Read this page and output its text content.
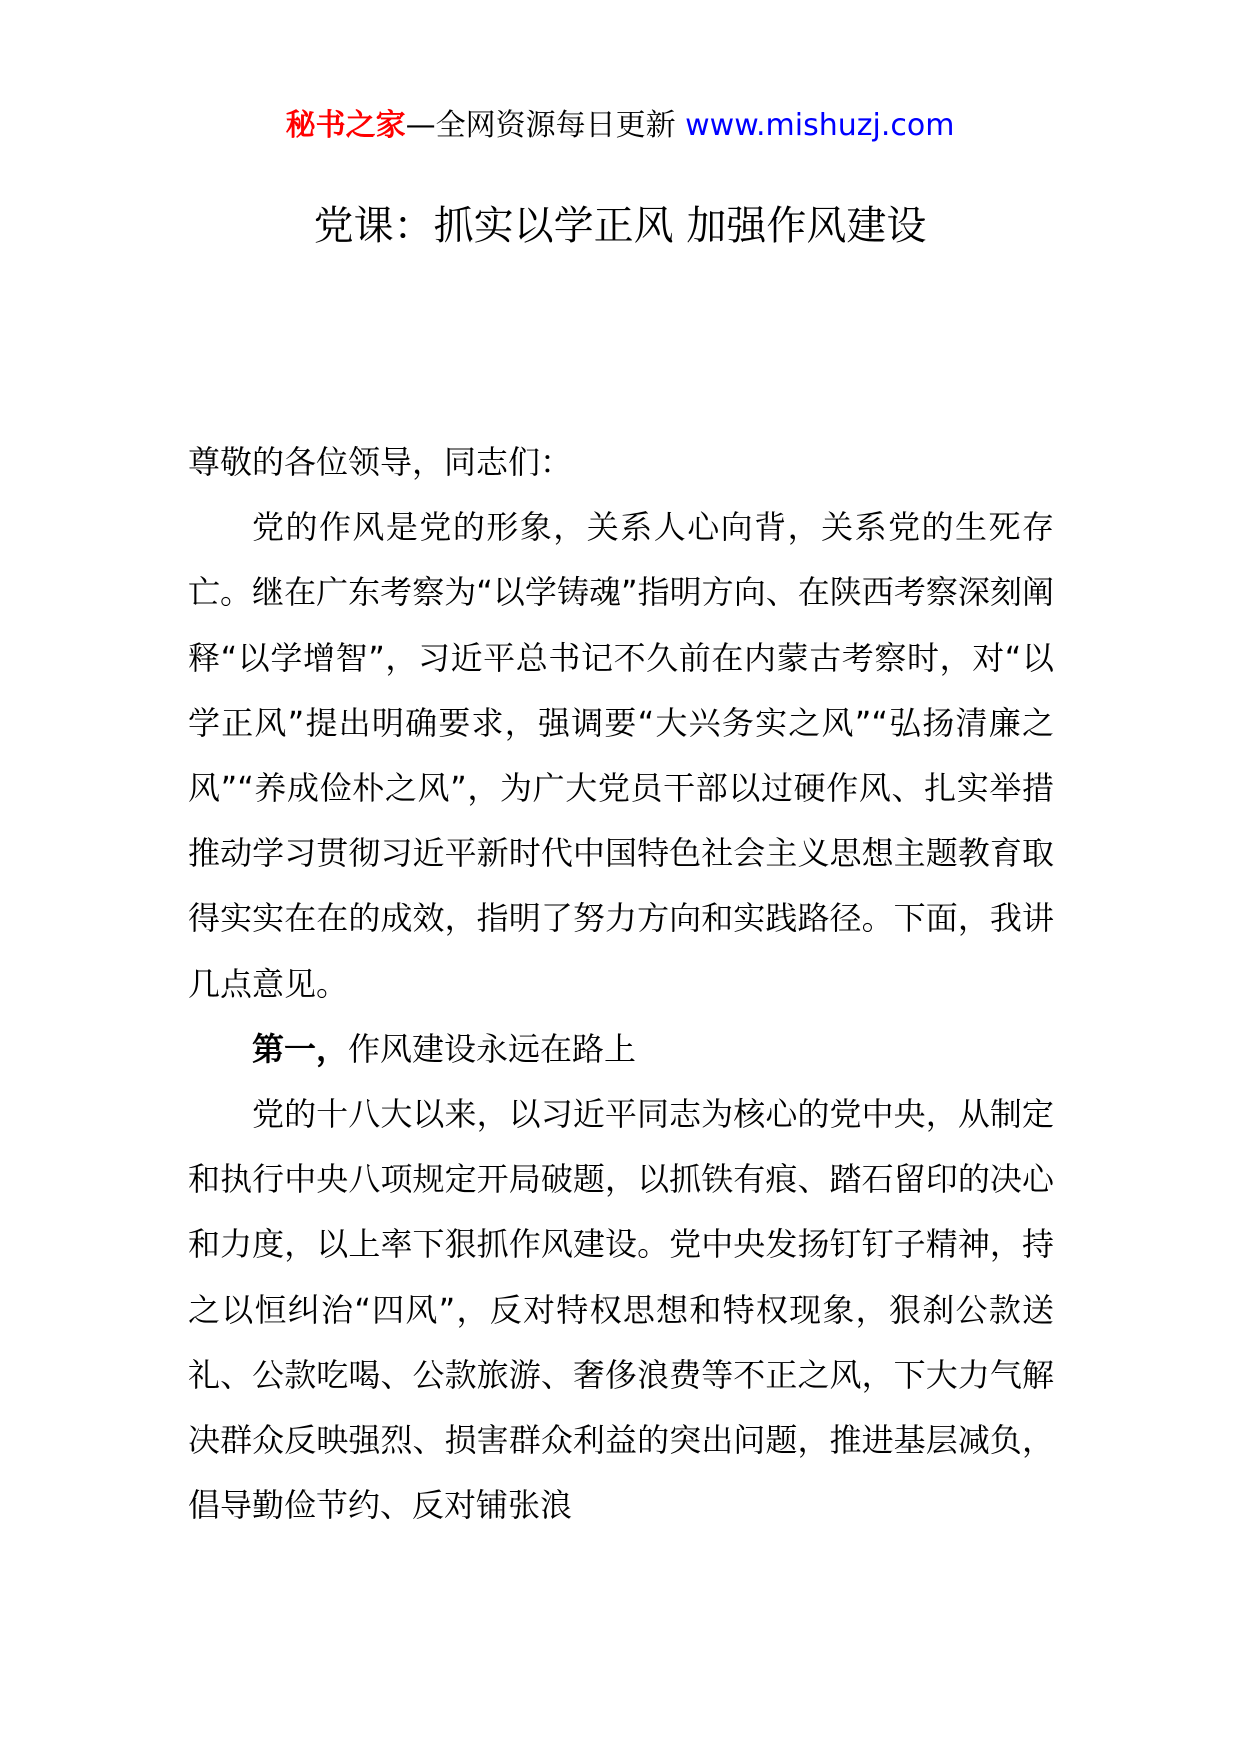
秘书之家—全网资源每日更新 www.mishuzj.com
党课：抓实以学正风 加强作风建设

尊敬的各位领导，同志们：

党的作风是党的形象，关系人心向背，关系党的生死存亡。继在广东考察为“以学铸魂”指明方向、在陕西考察深刻阐释“以学增智”，习近平总书记不久前在内蒙古考察时，对“以学正风”提出明确要求，强调要“大兴务实之风”“弘扬清廉之风”“养成俭朴之风”，为广大党员干部以过硬作风、扎实举措推动学习贯彻习近平新时代中国特色社会主义思想主题教育取得实实在在的成效，指明了努力方向和实践路径。下面，我讲几点意见。

第一，作风建设永远在路上

党的十八大以来，以习近平同志为核心的党中央，从制定和执行中央八项规定开局破题，以抓铁有痕、踏石留印的决心和力度，以上率下狠抓作风建设。党中央发扬钉钉子精神，持之以恒纠治“四风”，反对特权思想和特权现象，狠刹公款送礼、公款吃喝、公款旅游、奢侈浪费等不正之风，下大力气解决群众反映强烈、损害群众利益的突出问题，推进基层减负，倡导勤俭节约、反对铺张浪
